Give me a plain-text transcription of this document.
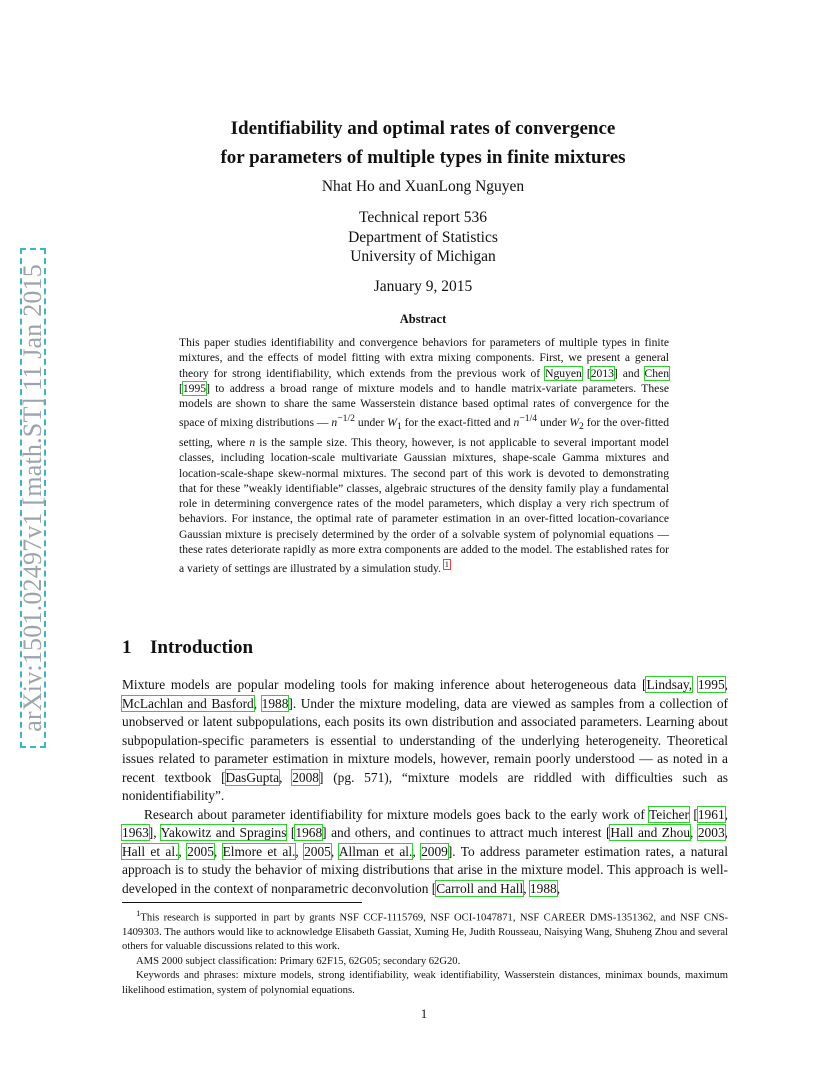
arXiv:1501.02497v1 [math.ST] 11 Jan 2015
Identifiability and optimal rates of convergence
for parameters of multiple types in finite mixtures
Nhat Ho and XuanLong Nguyen
Technical report 536
Department of Statistics
University of Michigan
January 9, 2015
Abstract
This paper studies identifiability and convergence behaviors for parameters of multiple types in finite mixtures, and the effects of model fitting with extra mixing components. First, we present a general theory for strong identifiability, which extends from the previous work of Nguyen [2013] and Chen [1995] to address a broad range of mixture models and to handle matrix-variate parameters. These models are shown to share the same Wasserstein distance based optimal rates of convergence for the space of mixing distributions — $n^{-1/2}$ under $W_1$ for the exact-fitted and $n^{-1/4}$ under $W_2$ for the over-fitted setting, where n is the sample size. This theory, however, is not applicable to several important model classes, including location-scale multivariate Gaussian mixtures, shape-scale Gamma mixtures and location-scale-shape skew-normal mixtures. The second part of this work is devoted to demonstrating that for these ”weakly identifiable” classes, algebraic structures of the density family play a fundamental role in determining convergence rates of the model parameters, which display a very rich spectrum of behaviors. For instance, the optimal rate of parameter estimation in an over-fitted location-covariance Gaussian mixture is precisely determined by the order of a solvable system of polynomial equations — these rates deteriorate rapidly as more extra components are added to the model. The established rates for a variety of settings are illustrated by a simulation study. $^1$
1 Introduction

Mixture models are popular modeling tools for making inference about heterogeneous data [Lindsay, 1995, McLachlan and Basford, 1988]. Under the mixture modeling, data are viewed as samples from a collection of unobserved or latent subpopulations, each posits its own distribution and associated parameters. Learning about subpopulation-specific parameters is essential to understanding of the underlying heterogeneity. Theoretical issues related to parameter estimation in mixture models, however, remain poorly understood — as noted in a recent textbook [DasGupta, 2008] (pg. 571), “mixture models are riddled with difficulties such as nonidentifiability”.

Research about parameter identifiability for mixture models goes back to the early work of Teicher [1961, 1963], Yakowitz and Spragins [1968] and others, and continues to attract much interest [Hall and Zhou, 2003, Hall et al., 2005, Elmore et al., 2005, Allman et al., 2009]. To address parameter estimation rates, a natural approach is to study the behavior of mixing distributions that arise in the mixture model. This approach is well-developed in the context of nonparametric deconvolution [Carroll and Hall, 1988,

$^1$This research is supported in part by grants NSF CCF-1115769, NSF OCI-1047871, NSF CAREER DMS-1351362, and NSF CNS-1409303. The authors would like to acknowledge Elisabeth Gassiat, Xuming He, Judith Rousseau, Naisying Wang, Shuheng Zhou and several others for valuable discussions related to this work.

AMS 2000 subject classification: Primary 62F15, 62G05; secondary 62G20.

Keywords and phrases: mixture models, strong identifiability, weak identifiability, Wasserstein distances, minimax bounds, maximum likelihood estimation, system of polynomial equations.

1
